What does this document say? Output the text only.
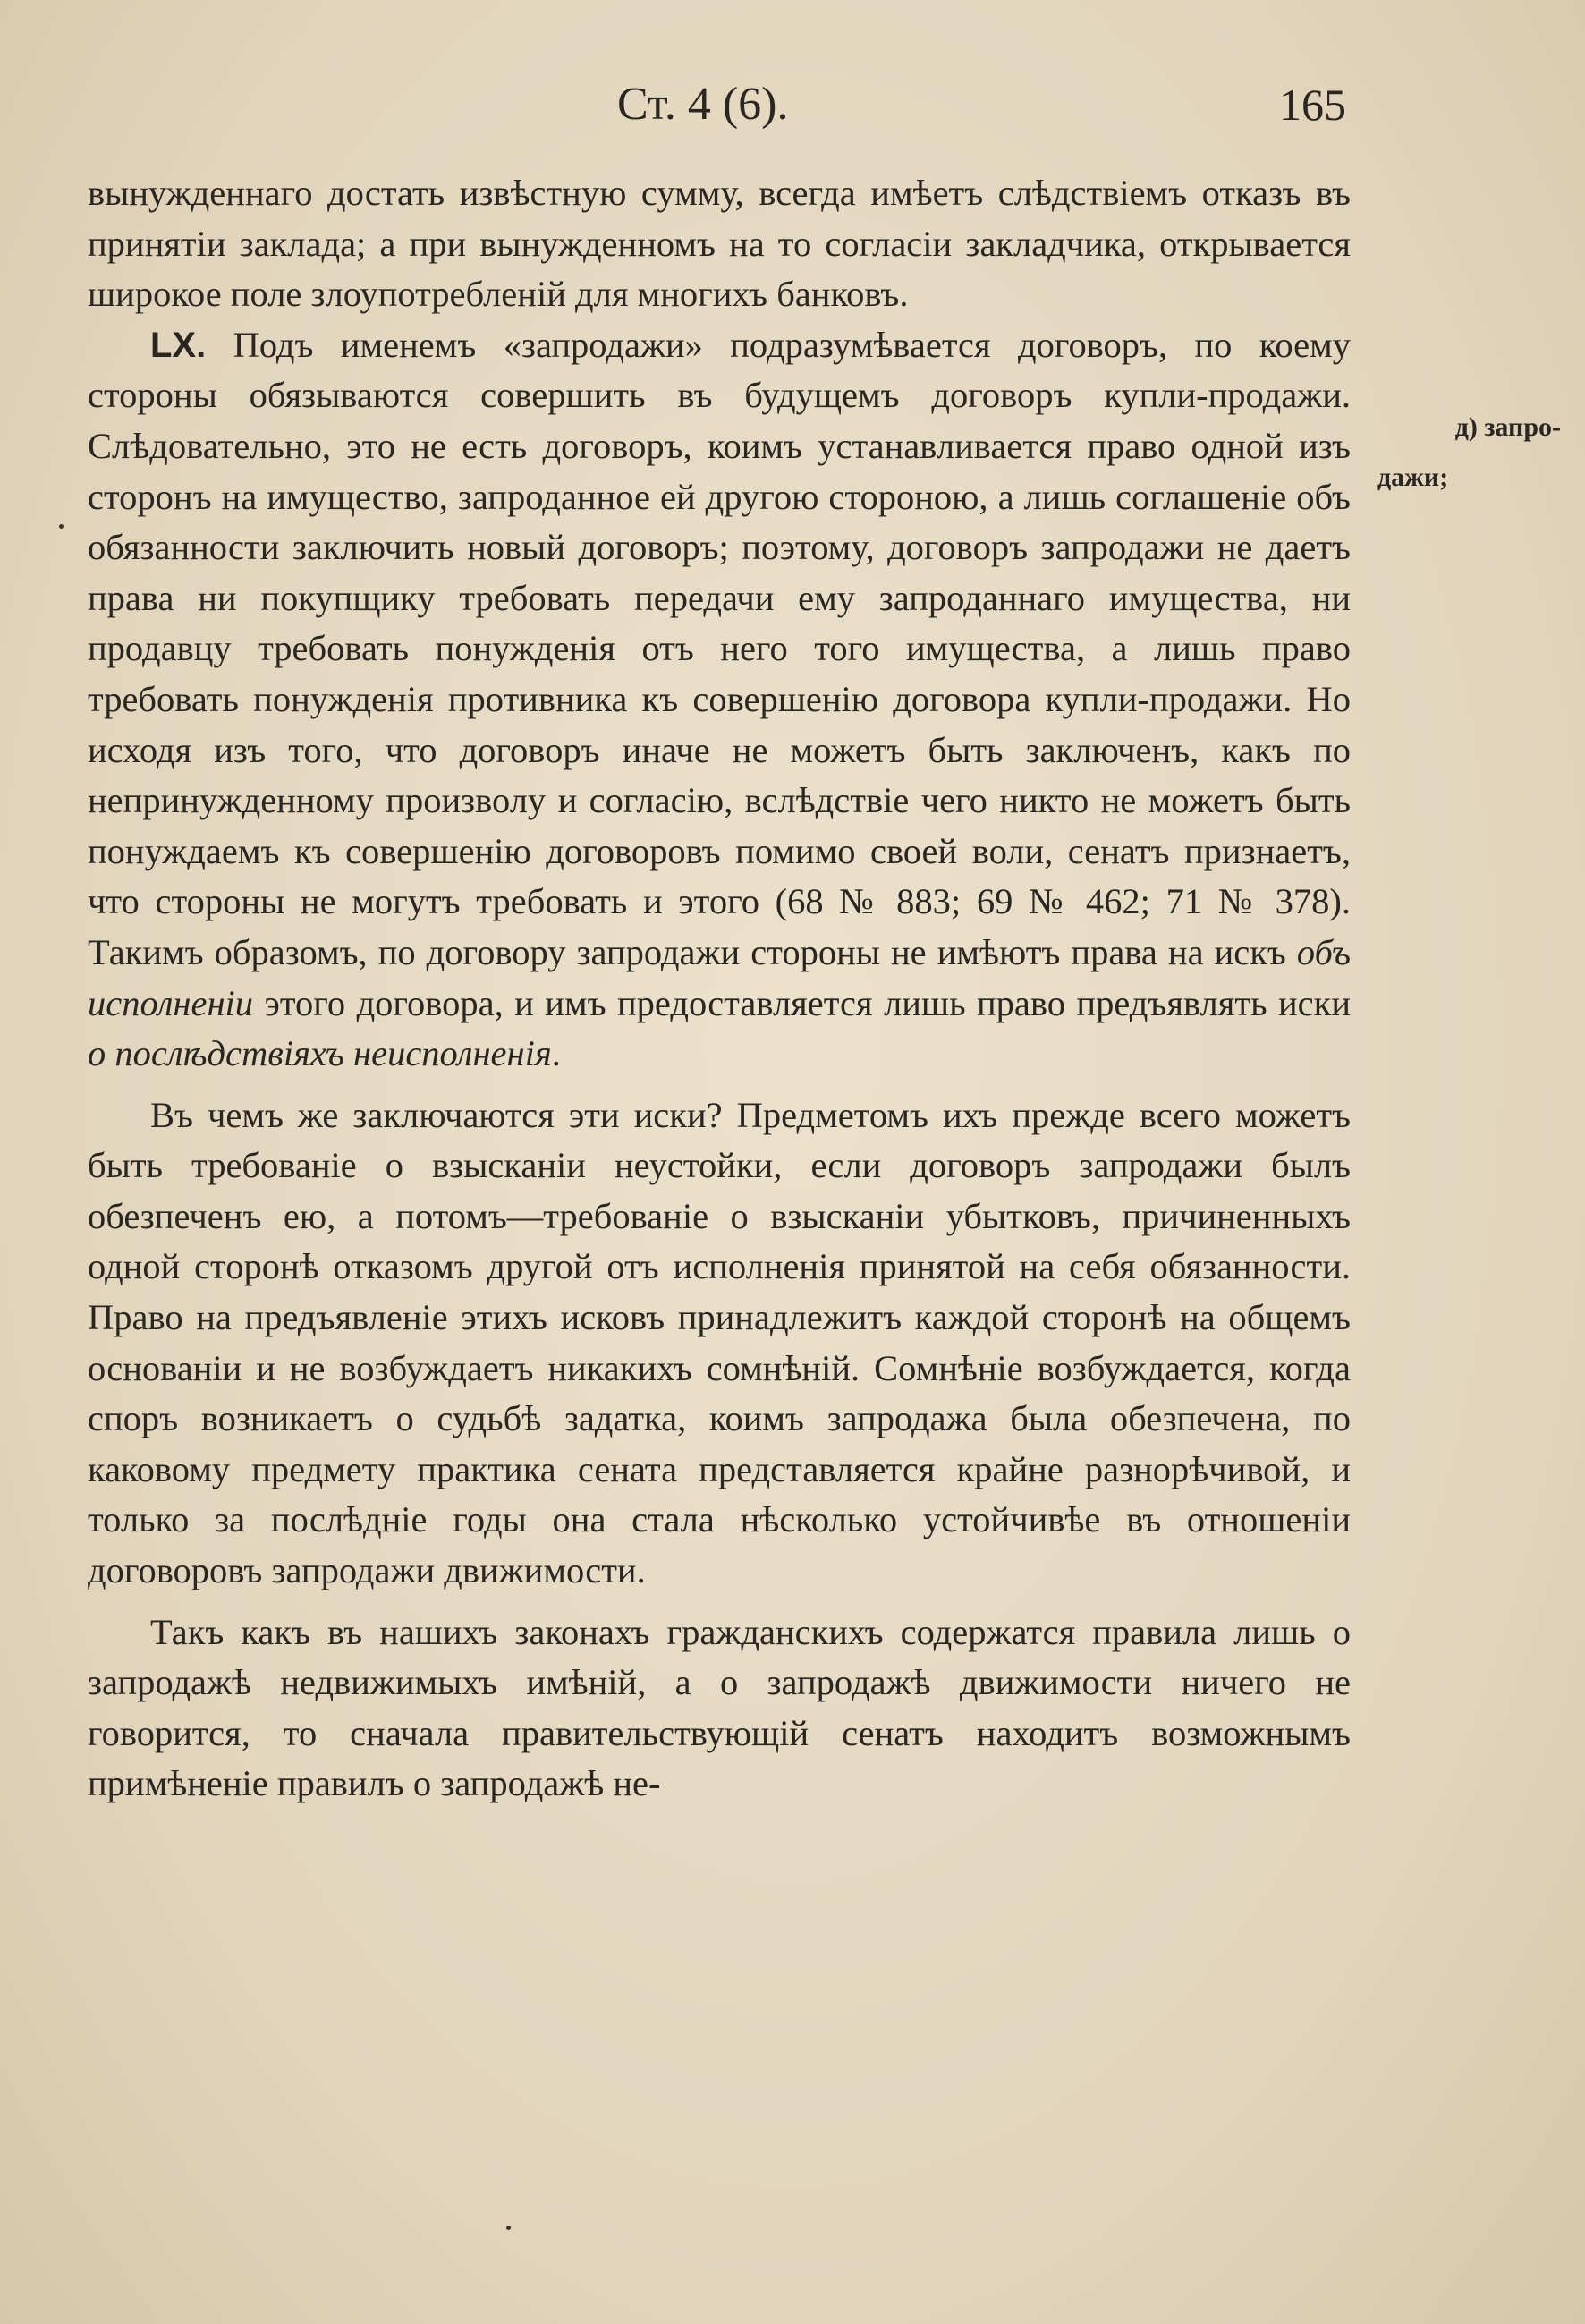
Ст. 4 (6).	165
д) запро-
дажи;

вынужденнаго достать извѣстную сумму, всегда имѣетъ слѣдствіемъ отказъ въ принятіи заклада; а при вынужденномъ на то согласіи закладчика, открывается широкое поле злоупотребленій для многихъ банковъ.

LX. Подъ именемъ «запродажи» подразумѣвается договоръ, по коему стороны обязываются совершить въ будущемъ договоръ купли-продажи. Слѣдовательно, это не есть договоръ, коимъ устанавливается право одной изъ сторонъ на имущество, запроданное ей другою стороною, а лишь соглашеніе объ обязанности заключить новый договоръ; поэтому, договоръ запродажи не даетъ права ни покупщику требовать передачи ему запроданнаго имущества, ни продавцу требовать понужденія отъ него того имущества, а лишь право требовать понужденія противника къ совершенію договора купли-продажи. Но исходя изъ того, что договоръ иначе не можетъ быть заключенъ, какъ по непринужденному произволу и согласію, вслѣдствіе чего никто не можетъ быть понуждаемъ къ совершенію договоровъ помимо своей воли, сенатъ признаетъ, что стороны не могутъ требовать и этого (68 № 883; 69 № 462; 71 № 378). Такимъ образомъ, по договору запродажи стороны не имѣютъ права на искъ объ исполненіи этого договора, и имъ предоставляется лишь право предъявлять иски о послѣдствіяхъ неисполненія.

Въ чемъ же заключаются эти иски? Предметомъ ихъ прежде всего можетъ быть требованіе о взысканіи неустойки, если договоръ запродажи былъ обезпеченъ ею, а потомъ—требованіе о взысканіи убытковъ, причиненныхъ одной сторонѣ отказомъ другой отъ исполненія принятой на себя обязанности. Право на предъявленіе этихъ исковъ принадлежитъ каждой сторонѣ на общемъ основаніи и не возбуждаетъ никакихъ сомнѣній. Сомнѣніе возбуждается, когда споръ возникаетъ о судьбѣ задатка, коимъ запродажа была обезпечена, по каковому предмету практика сената представляется крайне разнорѣчивой, и только за послѣдніе годы она стала нѣсколько устойчивѣе въ отношеніи договоровъ запродажи движимости.

Такъ какъ въ нашихъ законахъ гражданскихъ содержатся правила лишь о запродажѣ недвижимыхъ имѣній, а о запродажѣ движимости ничего не говорится, то сначала правительствующій сенатъ находитъ возможнымъ примѣненіе правилъ о запродажѣ не-
